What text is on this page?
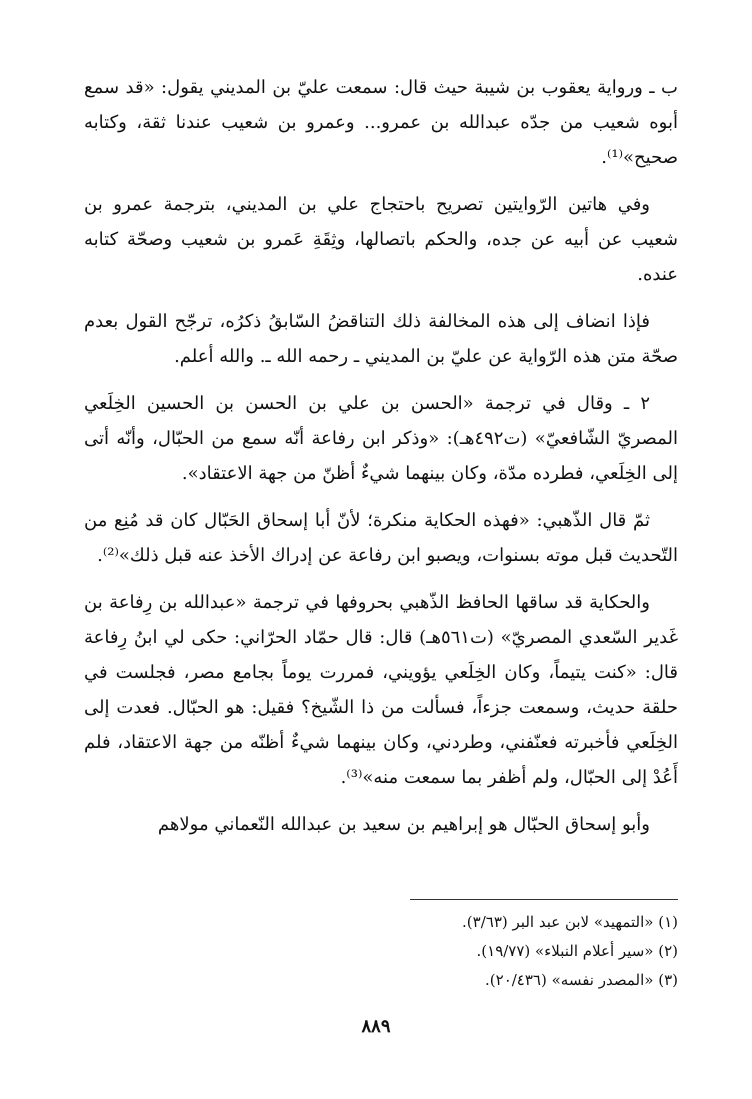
ب ـ ورواية يعقوب بن شيبة حيث قال: سمعت عليّ بن المديني يقول: «قد سمع أبوه شعيب من جدّه عبدالله بن عمرو... وعمرو بن شعيب عندنا ثقة، وكتابه صحيح»⁽¹⁾.

وفي هاتين الرّوايتين تصريح باحتجاج علي بن المديني، بترجمة عمرو بن شعيب عن أبيه عن جده، والحكم باتصالها، وثِقَةِ عَمرو بن شعيب وصحّة كتابه عنده.

فإذا انضاف إلى هذه المخالفة ذلك التناقضُ السّابقُ ذكرُه، ترجّح القول بعدم صحّة متن هذه الرّواية عن عليّ بن المديني ـ رحمه الله ـ. والله أعلم.

٢ ـ وقال في ترجمة «الحسن بن علي بن الحسن بن الحسين الخِلَعي المصريّ الشّافعيّ» (ت٤٩٢هـ): «وذكر ابن رفاعة أنّه سمع من الحبّال، وأنّه أتى إلى الخِلَعي، فطرده مدّة، وكان بينهما شيءٌ أظنّ من جهة الاعتقاد».

ثمّ قال الذّهبي: «فهذه الحكاية منكرة؛ لأنّ أبا إسحاق الحَبّال كان قد مُنِع من التّحديث قبل موته بسنوات، ويصبو ابن رفاعة عن إدراك الأخذ عنه قبل ذلك»⁽²⁾.

والحكاية قد ساقها الحافظ الذّهبي بحروفها في ترجمة «عبدالله بن رِفاعة بن غَدير السّعدي المصريّ» (ت٥٦١هـ) قال: قال حمّاد الحرّاني: حكى لي ابنُ رِفاعة قال: «كنت يتيماً، وكان الخِلَعي يؤويني، فمررت يوماً بجامع مصر، فجلست في حلقة حديث، وسمعت جزءاً، فسألت من ذا الشّيخ؟ فقيل: هو الحبّال. فعدت إلى الخِلَعي فأخبرته فعنّفني، وطردني، وكان بينهما شيءٌ أظنّه من جهة الاعتقاد، فلم أَعُدْ إلى الحبّال، ولم أظفر بما سمعت منه»⁽³⁾.

وأبو إسحاق الحبّال هو إبراهيم بن سعيد بن عبدالله النّعماني مولاهم

(١) «التمهيد» لابن عبد البر (٣/٦٣).
(٢) «سير أعلام النبلاء» (١٩/٧٧).
(٣) «المصدر نفسه» (٢٠/٤٣٦).
٨٨٩
